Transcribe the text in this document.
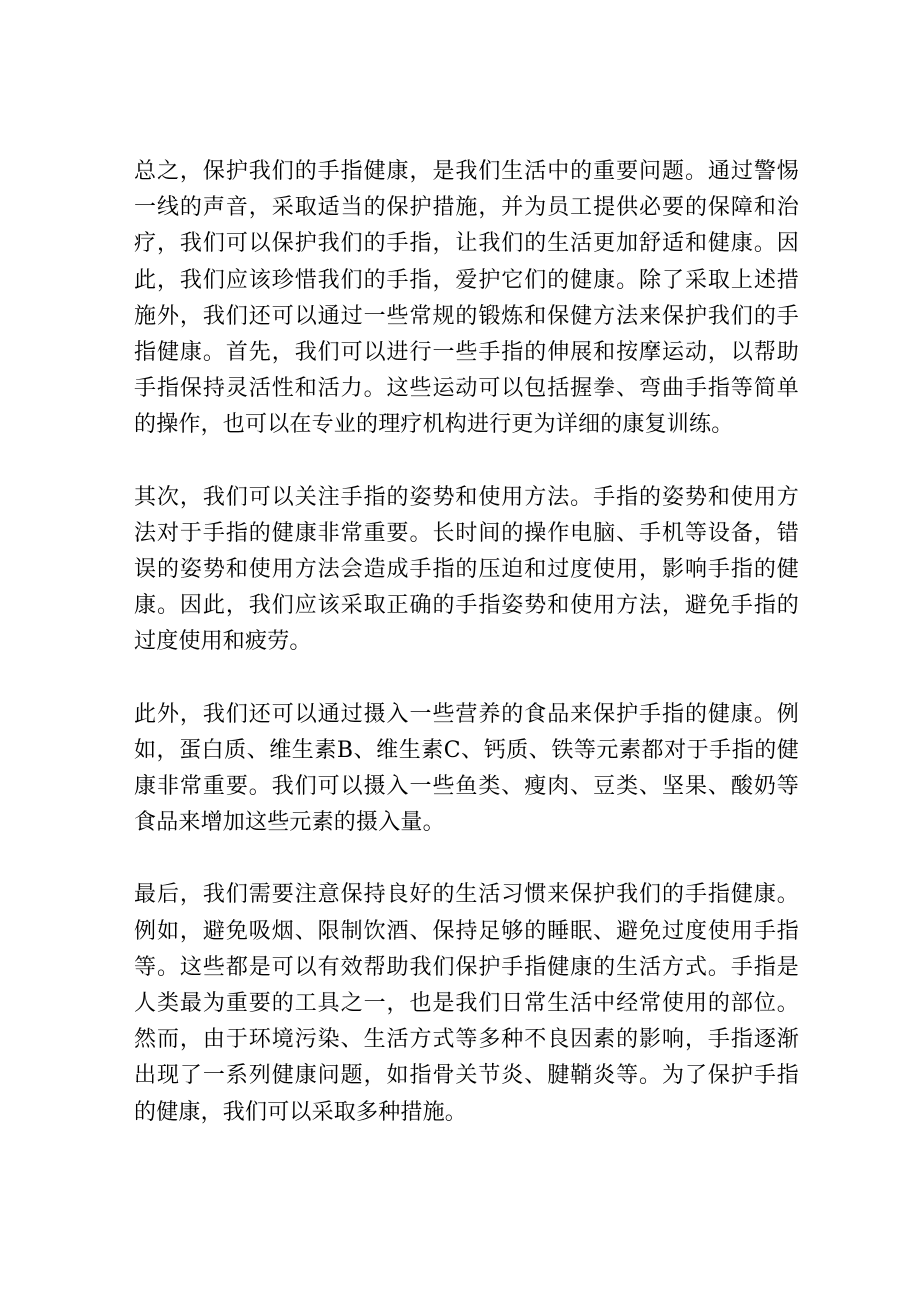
总之，保护我们的手指健康，是我们生活中的重要问题。通过警惕一线的声音，采取适当的保护措施，并为员工提供必要的保障和治疗，我们可以保护我们的手指，让我们的生活更加舒适和健康。因此，我们应该珍惜我们的手指，爱护它们的健康。除了采取上述措施外，我们还可以通过一些常规的锻炼和保健方法来保护我们的手指健康。首先，我们可以进行一些手指的伸展和按摩运动，以帮助手指保持灵活性和活力。这些运动可以包括握拳、弯曲手指等简单的操作，也可以在专业的理疗机构进行更为详细的康复训练。

其次，我们可以关注手指的姿势和使用方法。手指的姿势和使用方法对于手指的健康非常重要。长时间的操作电脑、手机等设备，错误的姿势和使用方法会造成手指的压迫和过度使用，影响手指的健康。因此，我们应该采取正确的手指姿势和使用方法，避免手指的过度使用和疲劳。

此外，我们还可以通过摄入一些营养的食品来保护手指的健康。例如，蛋白质、维生素B、维生素C、钙质、铁等元素都对于手指的健康非常重要。我们可以摄入一些鱼类、瘦肉、豆类、坚果、酸奶等食品来增加这些元素的摄入量。

最后，我们需要注意保持良好的生活习惯来保护我们的手指健康。例如，避免吸烟、限制饮酒、保持足够的睡眠、避免过度使用手指等。这些都是可以有效帮助我们保护手指健康的生活方式。手指是人类最为重要的工具之一，也是我们日常生活中经常使用的部位。然而，由于环境污染、生活方式等多种不良因素的影响，手指逐渐出现了一系列健康问题，如指骨关节炎、腱鞘炎等。为了保护手指的健康，我们可以采取多种措施。
